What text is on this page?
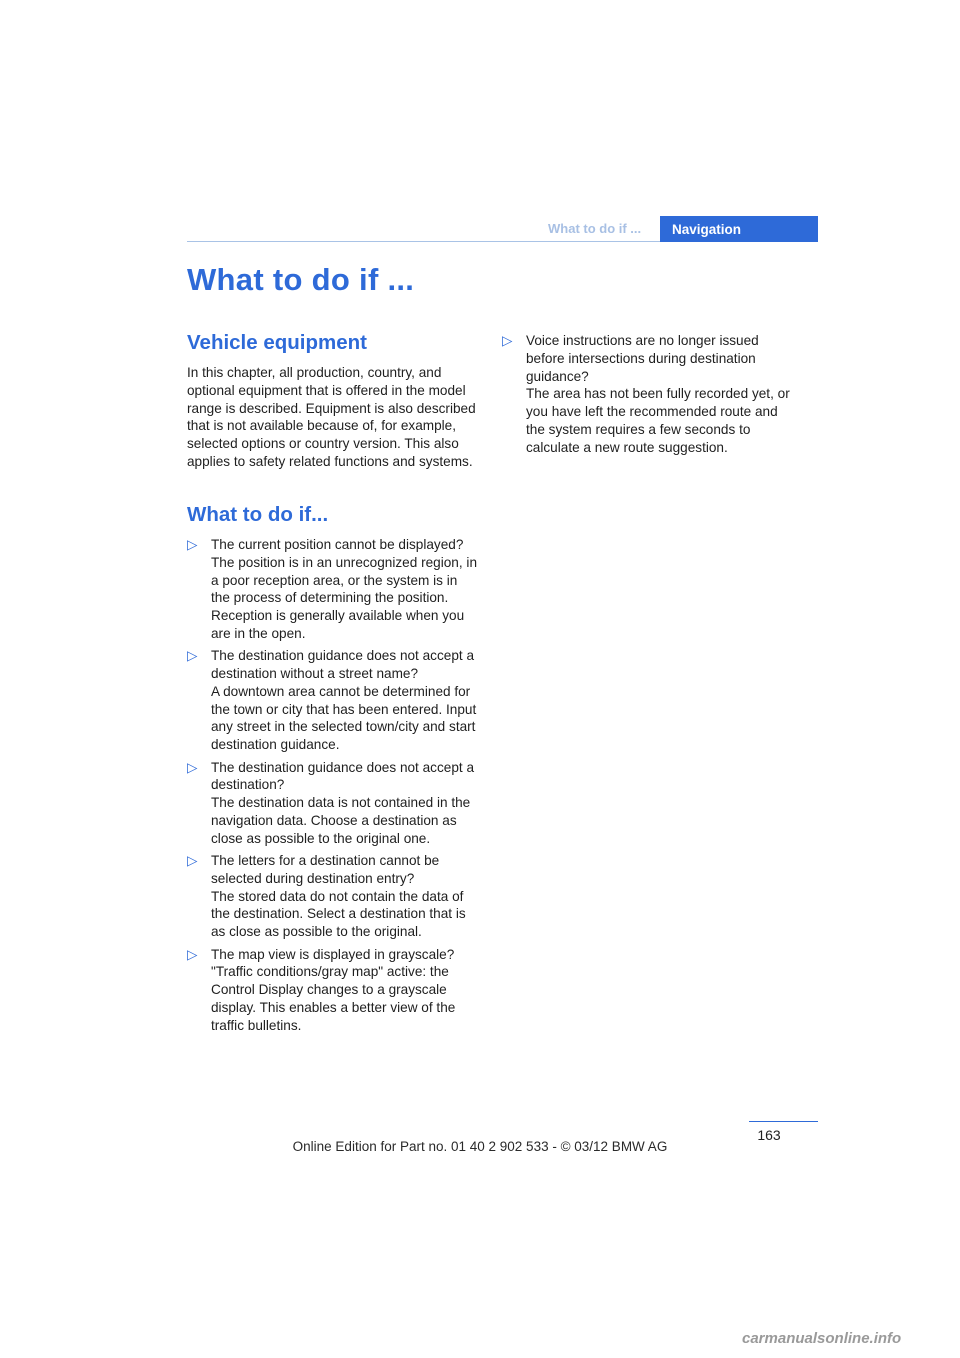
What to do if ...	Navigation
What to do if ...
Vehicle equipment

In this chapter, all production, country, and optional equipment that is offered in the model range is described. Equipment is also described that is not available because of, for example, selected options or country version. This also applies to safety related functions and systems.

What to do if...
▷ The current position cannot be displayed?
The position is in an unrecognized region, in a poor reception area, or the system is in the process of determining the position. Reception is generally available when you are in the open.
▷ The destination guidance does not accept a destination without a street name?
A downtown area cannot be determined for the town or city that has been entered. Input any street in the selected town/city and start destination guidance.
▷ The destination guidance does not accept a destination?
The destination data is not contained in the navigation data. Choose a destination as close as possible to the original one.
▷ The letters for a destination cannot be selected during destination entry?
The stored data do not contain the data of the destination. Select a destination that is as close as possible to the original.
▷ The map view is displayed in grayscale?
"Traffic conditions/gray map" active: the Control Display changes to a grayscale display. This enables a better view of the traffic bulletins.
▷ Voice instructions are no longer issued before intersections during destination guidance?
The area has not been fully recorded yet, or you have left the recommended route and the system requires a few seconds to calculate a new route suggestion.
163
Online Edition for Part no. 01 40 2 902 533 - © 03/12 BMW AG
carmanualsonline.info
